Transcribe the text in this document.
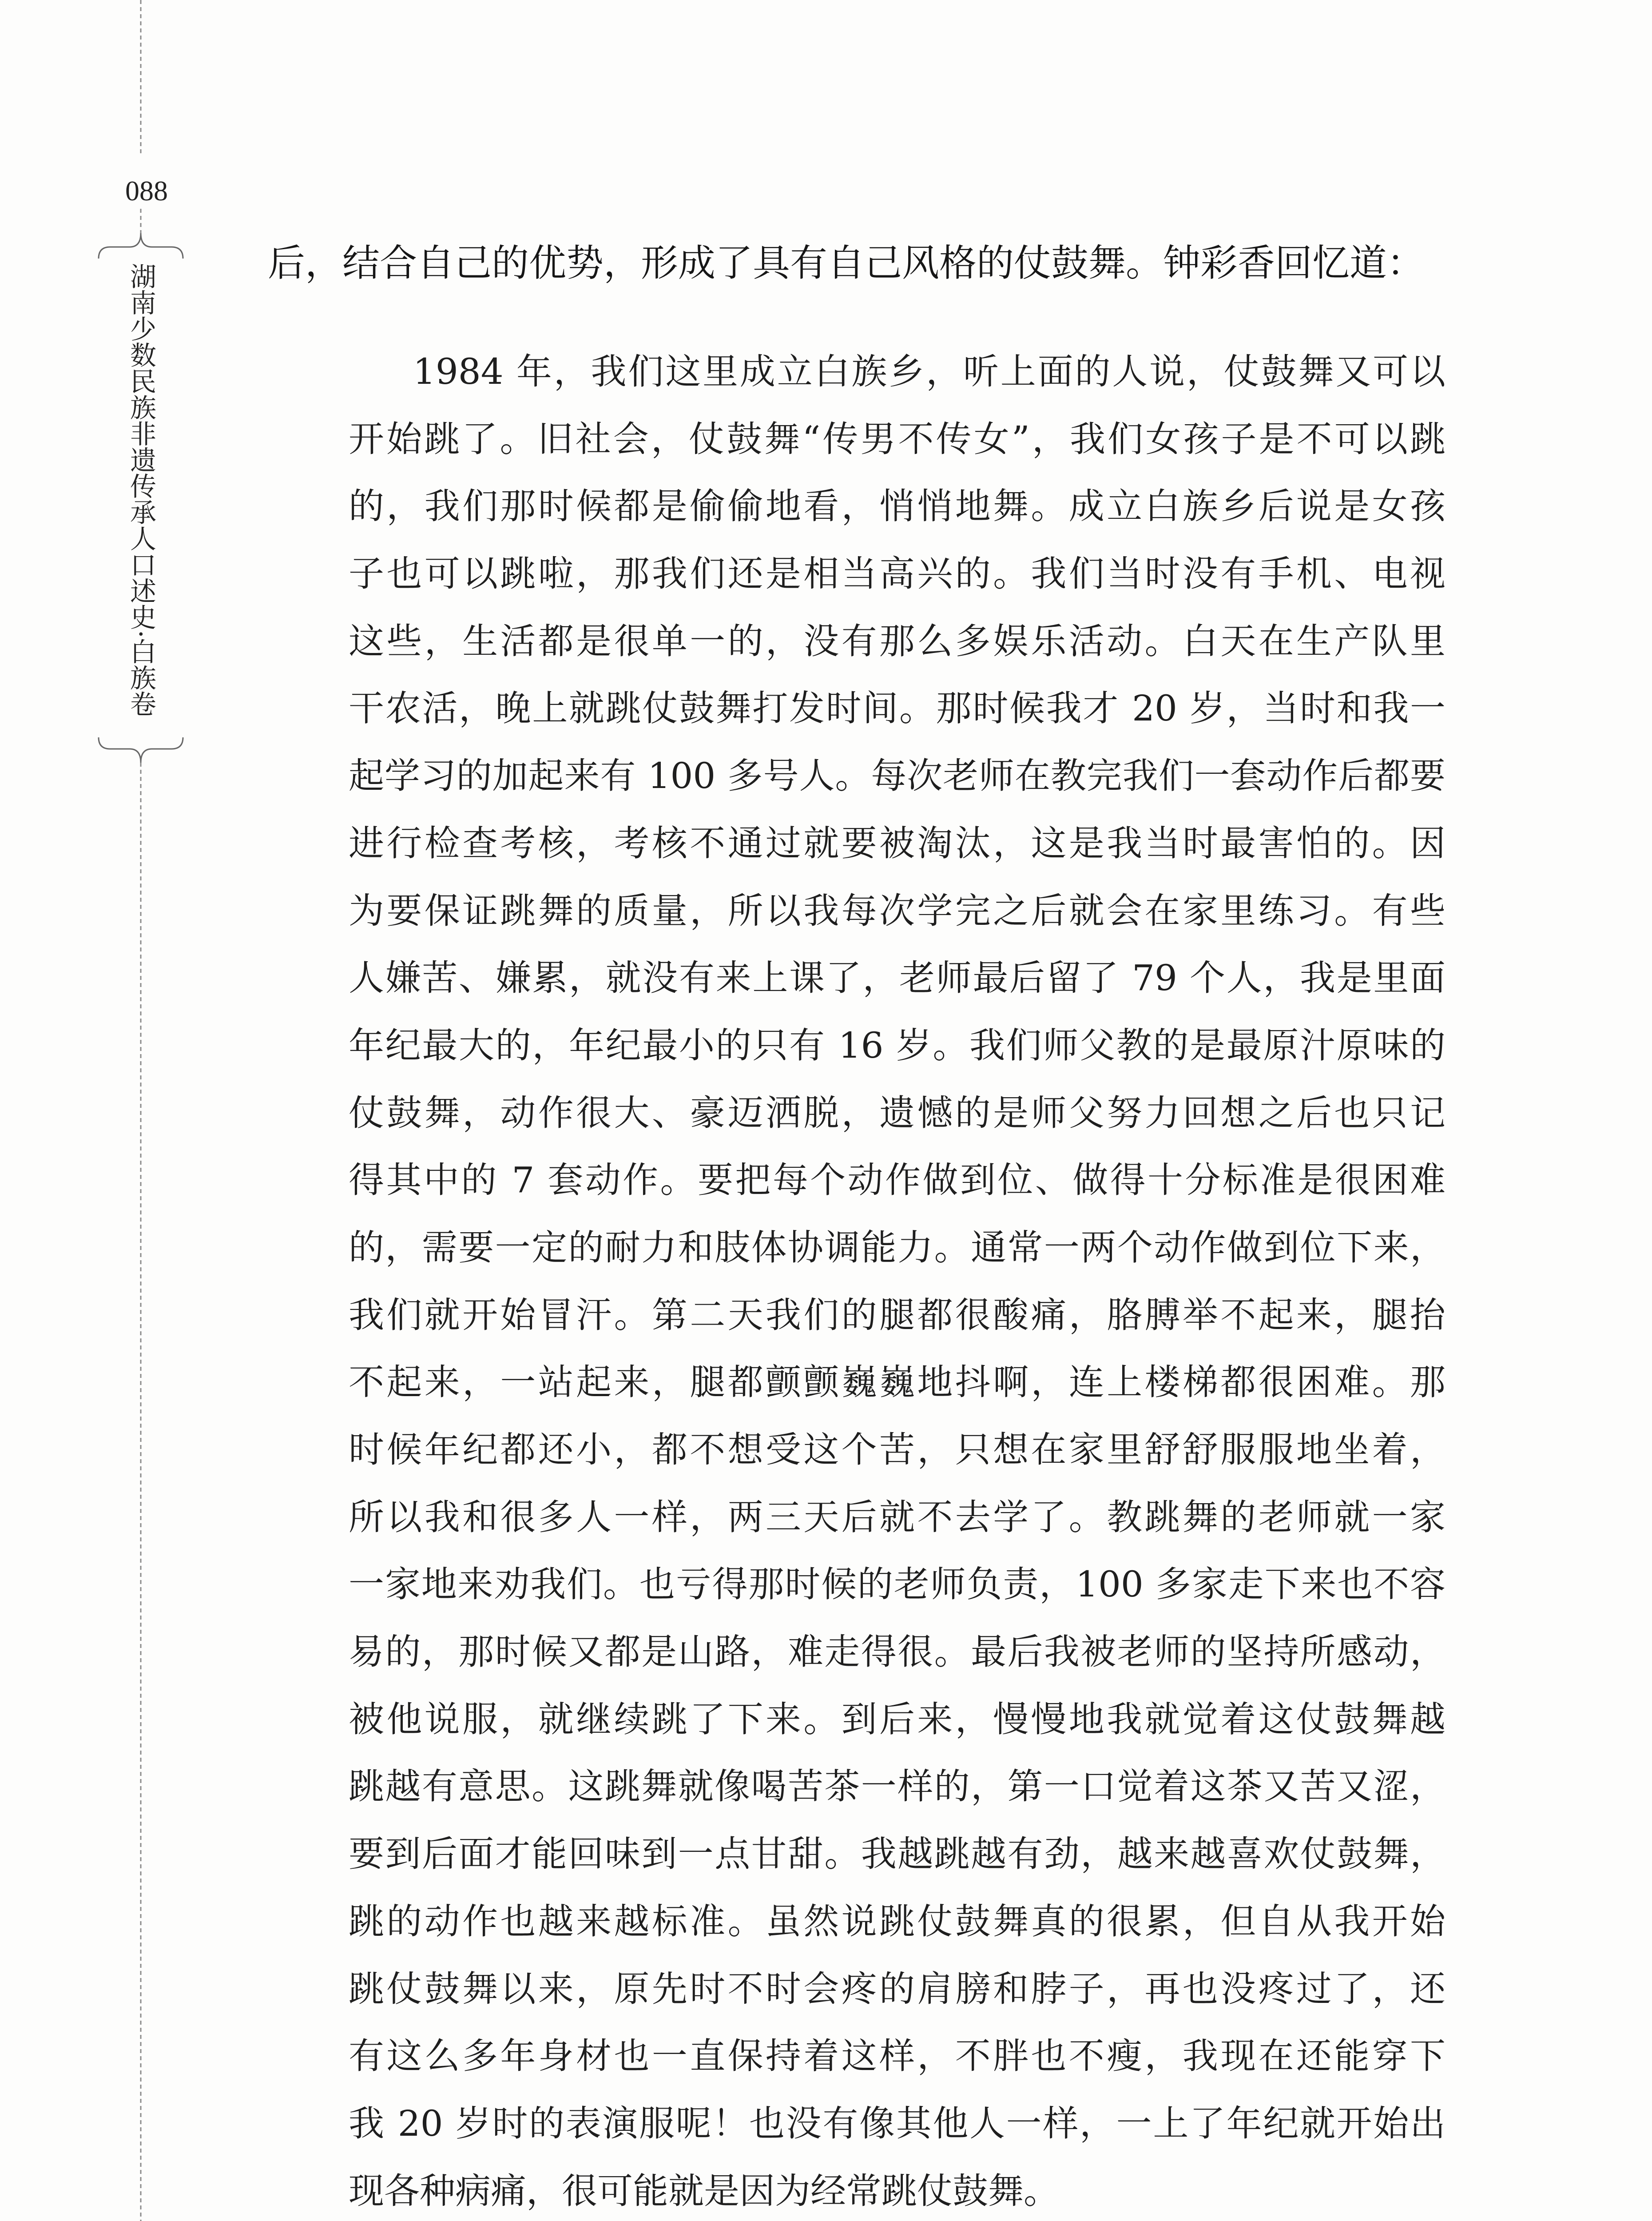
088
湖南少数民族非遗传承人口述史·白族卷	后，结合自己的优势，形成了具有自己风格的仗鼓舞。钟彩香回忆道：
1984 年，我们这里成立白族乡，听上面的人说，仗鼓舞又可以
开始跳了。旧社会，仗鼓舞“传男不传女”，我们女孩子是不可以跳
的，我们那时候都是偷偷地看，悄悄地舞。成立白族乡后说是女孩
子也可以跳啦，那我们还是相当高兴的。我们当时没有手机、电视
这些，生活都是很单一的，没有那么多娱乐活动。白天在生产队里
干农活，晚上就跳仗鼓舞打发时间。那时候我才 20 岁，当时和我一
起学习的加起来有 100 多号人。每次老师在教完我们一套动作后都要
进行检查考核，考核不通过就要被淘汰，这是我当时最害怕的。因
为要保证跳舞的质量，所以我每次学完之后就会在家里练习。有些
人嫌苦、嫌累，就没有来上课了，老师最后留了 79 个人，我是里面
年纪最大的，年纪最小的只有 16 岁。我们师父教的是最原汁原味的
仗鼓舞，动作很大、豪迈洒脱，遗憾的是师父努力回想之后也只记
得其中的 7 套动作。要把每个动作做到位、做得十分标准是很困难
的，需要一定的耐力和肢体协调能力。通常一两个动作做到位下来，
我们就开始冒汗。第二天我们的腿都很酸痛，胳膊举不起来，腿抬
不起来，一站起来，腿都颤颤巍巍地抖啊，连上楼梯都很困难。那
时候年纪都还小，都不想受这个苦，只想在家里舒舒服服地坐着，
所以我和很多人一样，两三天后就不去学了。教跳舞的老师就一家
一家地来劝我们。也亏得那时候的老师负责，100 多家走下来也不容
易的，那时候又都是山路，难走得很。最后我被老师的坚持所感动，
被他说服，就继续跳了下来。到后来，慢慢地我就觉着这仗鼓舞越
跳越有意思。这跳舞就像喝苦茶一样的，第一口觉着这茶又苦又涩，
要到后面才能回味到一点甘甜。我越跳越有劲，越来越喜欢仗鼓舞，
跳的动作也越来越标准。虽然说跳仗鼓舞真的很累，但自从我开始
跳仗鼓舞以来，原先时不时会疼的肩膀和脖子，再也没疼过了，还
有这么多年身材也一直保持着这样，不胖也不瘦，我现在还能穿下
我 20 岁时的表演服呢！也没有像其他人一样，一上了年纪就开始出
现各种病痛，很可能就是因为经常跳仗鼓舞。
